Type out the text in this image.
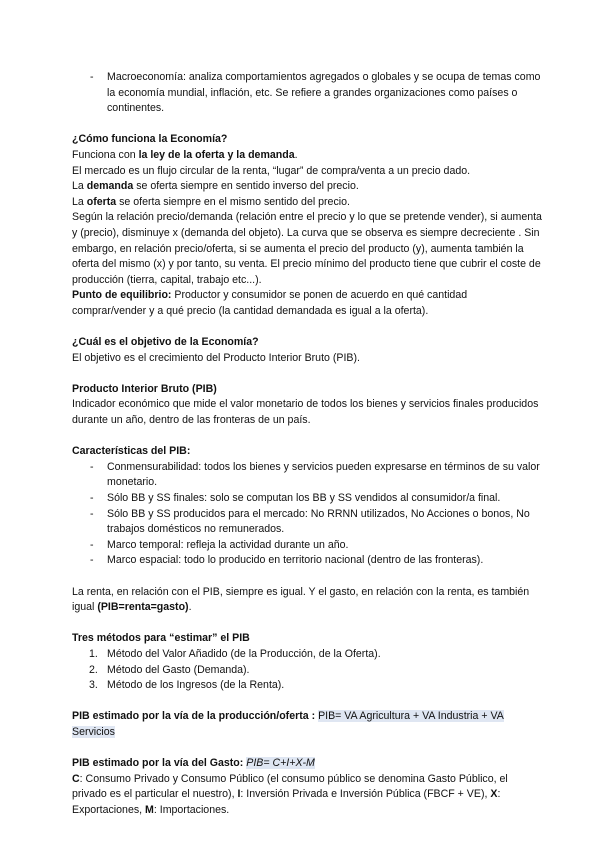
- Macroeconomía: analiza comportamientos agregados o globales y se ocupa de temas como la economía mundial, inflación, etc. Se refiere a grandes organizaciones como países o continentes.

¿Cómo funciona la Economía?

Funciona con la ley de la oferta y la demanda.

El mercado es un flujo circular de la renta, “lugar” de compra/venta a un precio dado.

La demanda se oferta siempre en sentido inverso del precio.

La oferta se oferta siempre en el mismo sentido del precio.

Según la relación precio/demanda (relación entre el precio y lo que se pretende vender), si aumenta y (precio), disminuye x (demanda del objeto). La curva que se observa es siempre decreciente . Sin embargo, en relación precio/oferta, si se aumenta el precio del producto (y), aumenta también la oferta del mismo (x) y por tanto, su venta. El precio mínimo del producto tiene que cubrir el coste de producción (tierra, capital, trabajo etc...).

Punto de equilibrio: Productor y consumidor se ponen de acuerdo en qué cantidad comprar/vender y a qué precio (la cantidad demandada es igual a la oferta).

¿Cuál es el objetivo de la Economía?

El objetivo es el crecimiento del Producto Interior Bruto (PIB).

Producto Interior Bruto (PIB)

Indicador económico que mide el valor monetario de todos los bienes y servicios finales producidos durante un año, dentro de las fronteras de un país.

Características del PIB:

- Conmensurabilidad: todos los bienes y servicios pueden expresarse en términos de su valor monetario.
- Sólo BB y SS finales: solo se computan los BB y SS vendidos al consumidor/a final.
- Sólo BB y SS producidos para el mercado: No RRNN utilizados, No Acciones o bonos, No trabajos domésticos no remunerados.
- Marco temporal: refleja la actividad durante un año.
- Marco espacial: todo lo producido en territorio nacional (dentro de las fronteras).

La renta, en relación con el PIB, siempre es igual. Y el gasto, en relación con la renta, es también igual (PIB=renta=gasto).

Tres métodos para “estimar” el PIB

1. Método del Valor Añadido (de la Producción, de la Oferta).
2. Método del Gasto (Demanda).
3. Método de los Ingresos (de la Renta).

PIB estimado por la vía de la producción/oferta : PIB= VA Agricultura + VA Industria + VA Servicios

PIB estimado por la vía del Gasto: PIB= C+I+X-M

C: Consumo Privado y Consumo Público (el consumo público se denomina Gasto Público, el privado es el particular el nuestro), I: Inversión Privada e Inversión Pública (FBCF + VE), X: Exportaciones, M: Importaciones.
